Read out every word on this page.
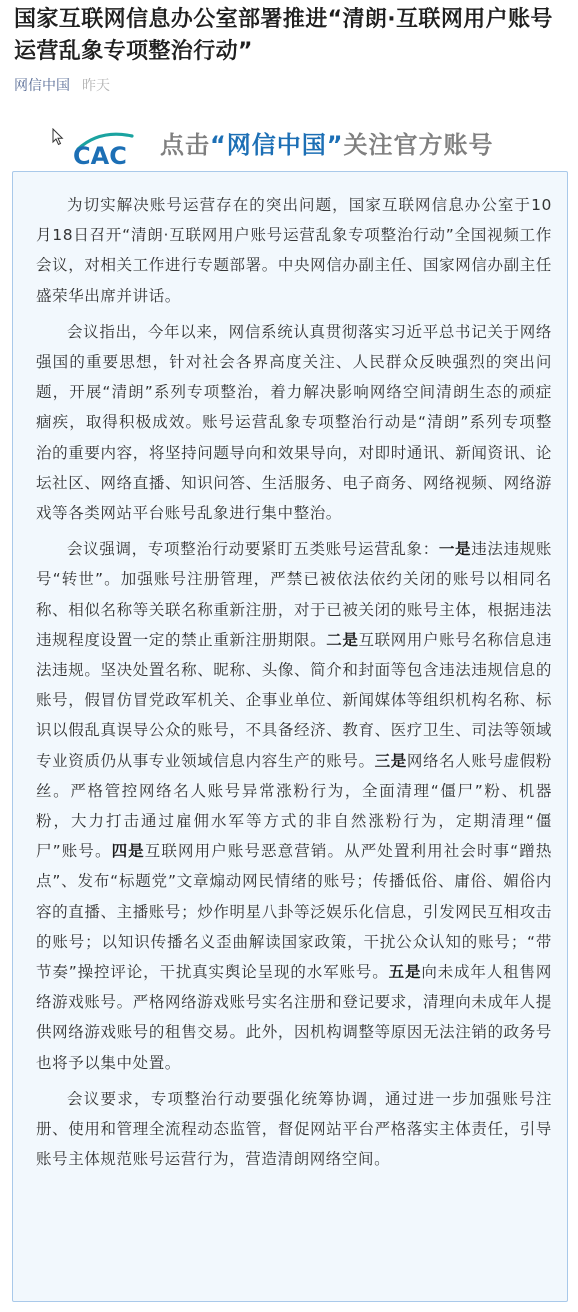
国家互联网信息办公室部署推进“清朗·互联网用户账号运营乱象专项整治行动”
网信中国 昨天
CAC 点击“网信中国”关注官方账号

为切实解决账号运营存在的突出问题，国家互联网信息办公室于10月18日召开“清朗·互联网用户账号运营乱象专项整治行动”全国视频工作会议，对相关工作进行专题部署。中央网信办副主任、国家网信办副主任盛荣华出席并讲话。

会议指出，今年以来，网信系统认真贯彻落实习近平总书记关于网络强国的重要思想，针对社会各界高度关注、人民群众反映强烈的突出问题，开展“清朗”系列专项整治，着力解决影响网络空间清朗生态的顽症痼疾，取得积极成效。账号运营乱象专项整治行动是“清朗”系列专项整治的重要内容，将坚持问题导向和效果导向，对即时通讯、新闻资讯、论坛社区、网络直播、知识问答、生活服务、电子商务、网络视频、网络游戏等各类网站平台账号乱象进行集中整治。

会议强调，专项整治行动要紧盯五类账号运营乱象：一是违法违规账号“转世”。加强账号注册管理，严禁已被依法依约关闭的账号以相同名称、相似名称等关联名称重新注册，对于已被关闭的账号主体，根据违法违规程度设置一定的禁止重新注册期限。二是互联网用户账号名称信息违法违规。坚决处置名称、昵称、头像、简介和封面等包含违法违规信息的账号，假冒仿冒党政军机关、企事业单位、新闻媒体等组织机构名称、标识以假乱真误导公众的账号，不具备经济、教育、医疗卫生、司法等领域专业资质仍从事专业领域信息内容生产的账号。三是网络名人账号虚假粉丝。严格管控网络名人账号异常涨粉行为，全面清理“僵尸”粉、机器粉，大力打击通过雇佣水军等方式的非自然涨粉行为，定期清理“僵尸”账号。四是互联网用户账号恶意营销。从严处置利用社会时事“蹭热点”、发布“标题党”文章煽动网民情绪的账号；传播低俗、庸俗、媚俗内容的直播、主播账号；炒作明星八卦等泛娱乐化信息，引发网民互相攻击的账号；以知识传播名义歪曲解读国家政策，干扰公众认知的账号；“带节奏”操控评论，干扰真实舆论呈现的水军账号。五是向未成年人租售网络游戏账号。严格网络游戏账号实名注册和登记要求，清理向未成年人提供网络游戏账号的租售交易。此外，因机构调整等原因无法注销的政务号也将予以集中处置。

会议要求，专项整治行动要强化统筹协调，通过进一步加强账号注册、使用和管理全流程动态监管，督促网站平台严格落实主体责任，引导账号主体规范账号运营行为，营造清朗网络空间。
